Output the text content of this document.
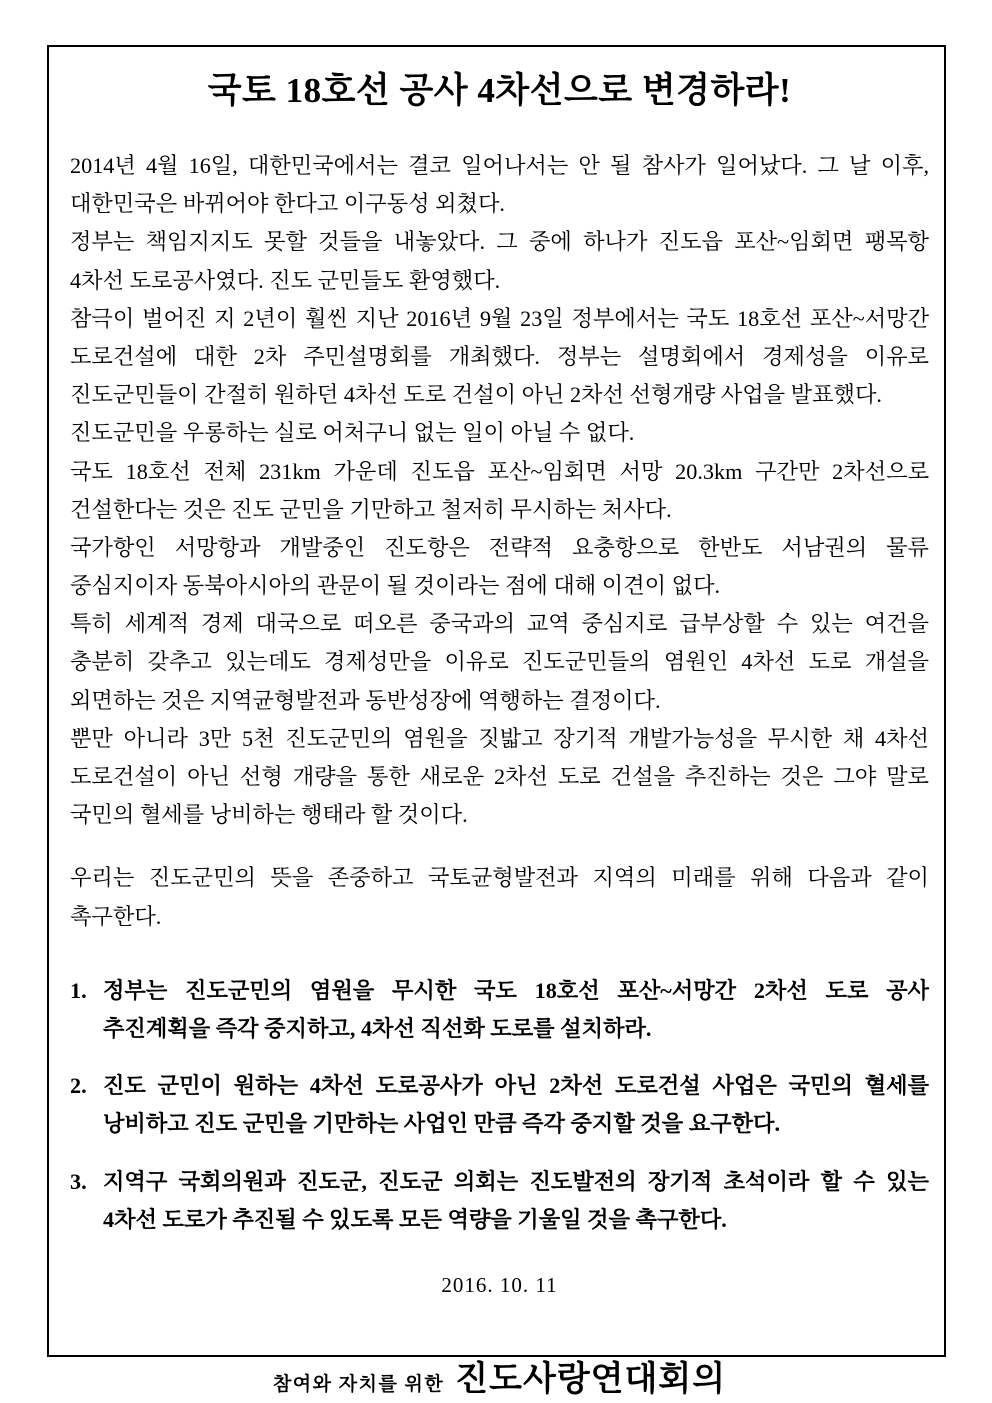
국토 18호선 공사 4차선으로 변경하라!

2014년 4월 16일, 대한민국에서는 결코 일어나서는 안 될 참사가 일어났다. 그 날 이후, 대한민국은 바뀌어야 한다고 이구동성 외쳤다.

정부는 책임지지도 못할 것들을 내놓았다. 그 중에 하나가 진도읍 포산~임회면 팽목항 4차선 도로공사였다. 진도 군민들도 환영했다.

참극이 벌어진 지 2년이 훨씬 지난 2016년 9월 23일 정부에서는 국도 18호선 포산~서망간 도로건설에 대한 2차 주민설명회를 개최했다. 정부는 설명회에서 경제성을 이유로 진도군민들이 간절히 원하던 4차선 도로 건설이 아닌 2차선 선형개량 사업을 발표했다.

진도군민을 우롱하는 실로 어처구니 없는 일이 아닐 수 없다.

국도 18호선 전체 231km 가운데 진도읍 포산~임회면 서망 20.3km 구간만 2차선으로 건설한다는 것은 진도 군민을 기만하고 철저히 무시하는 처사다.

국가항인 서망항과 개발중인 진도항은 전략적 요충항으로 한반도 서남권의 물류 중심지이자 동북아시아의 관문이 될 것이라는 점에 대해 이견이 없다.

특히 세계적 경제 대국으로 떠오른 중국과의 교역 중심지로 급부상할 수 있는 여건을 충분히 갖추고 있는데도 경제성만을 이유로 진도군민들의 염원인 4차선 도로 개설을 외면하는 것은 지역균형발전과 동반성장에 역행하는 결정이다.

뿐만 아니라 3만 5천 진도군민의 염원을 짓밟고 장기적 개발가능성을 무시한 채 4차선 도로건설이 아닌 선형 개량을 통한 새로운 2차선 도로 건설을 추진하는 것은 그야 말로 국민의 혈세를 낭비하는 행태라 할 것이다.

우리는 진도군민의 뜻을 존중하고 국토균형발전과 지역의 미래를 위해 다음과 같이 촉구한다.

1. 정부는 진도군민의 염원을 무시한 국도 18호선 포산~서망간 2차선 도로 공사 추진계획을 즉각 중지하고, 4차선 직선화 도로를 설치하라.
2. 진도 군민이 원하는 4차선 도로공사가 아닌 2차선 도로건설 사업은 국민의 혈세를 낭비하고 진도 군민을 기만하는 사업인 만큼 즉각 중지할 것을 요구한다.
3. 지역구 국회의원과 진도군, 진도군 의회는 진도발전의 장기적 초석이라 할 수 있는 4차선 도로가 추진될 수 있도록 모든 역량을 기울일 것을 촉구한다.
2016. 10. 11
참여와 자치를 위한 진도사랑연대회의
